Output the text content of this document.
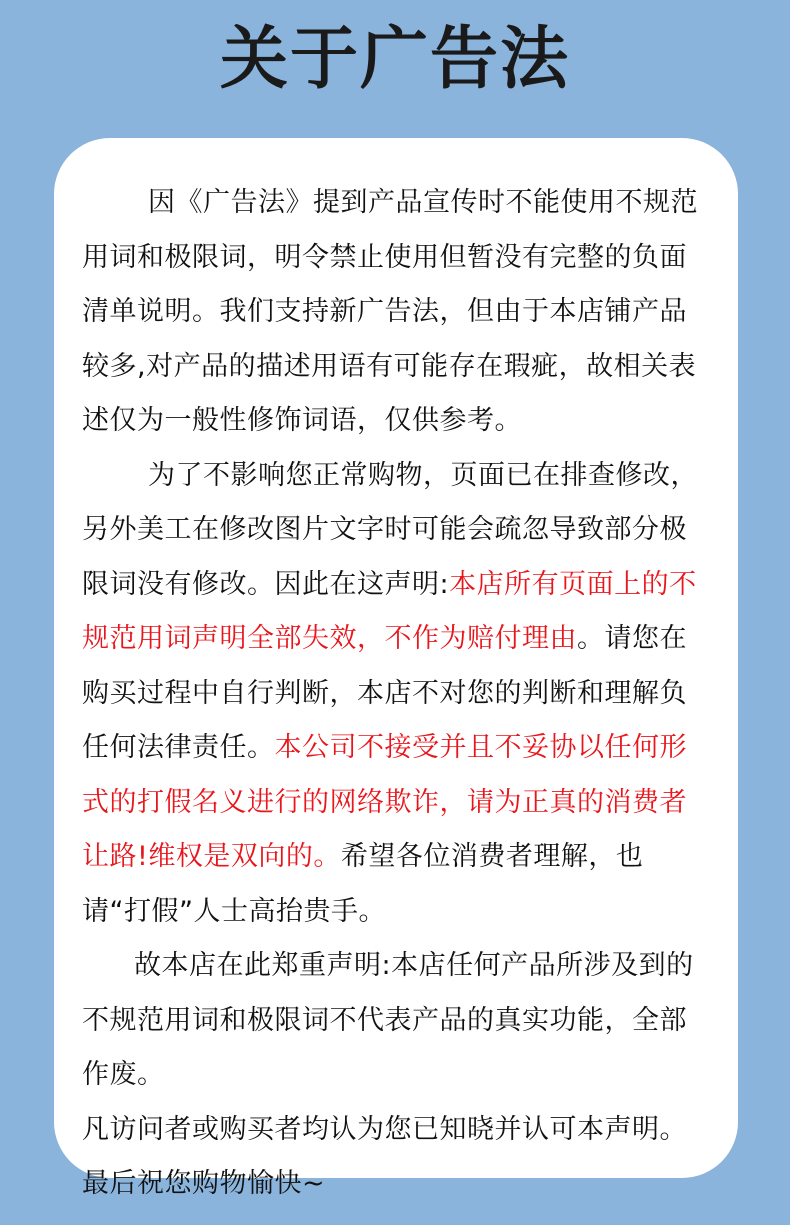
关于广告法

因《广告法》提到产品宣传时不能使用不规范用词和极限词，明令禁止使用但暂没有完整的负面清单说明。我们支持新广告法，但由于本店铺产品较多,对产品的描述用语有可能存在瑕疵，故相关表述仅为一般性修饰词语，仅供参考。

为了不影响您正常购物，页面已在排查修改，另外美工在修改图片文字时可能会疏忽导致部分极限词没有修改。因此在这声明:本店所有页面上的不规范用词声明全部失效，不作为赔付理由。请您在购买过程中自行判断，本店不对您的判断和理解负任何法律责任。本公司不接受并且不妥协以任何形式的打假名义进行的网络欺诈，请为正真的消费者让路!维权是双向的。希望各位消费者理解，也请“打假”人士高抬贵手。

故本店在此郑重声明:本店任何产品所涉及到的不规范用词和极限词不代表产品的真实功能，全部作废。

凡访问者或购买者均认为您已知晓并认可本声明。最后祝您购物愉快~
